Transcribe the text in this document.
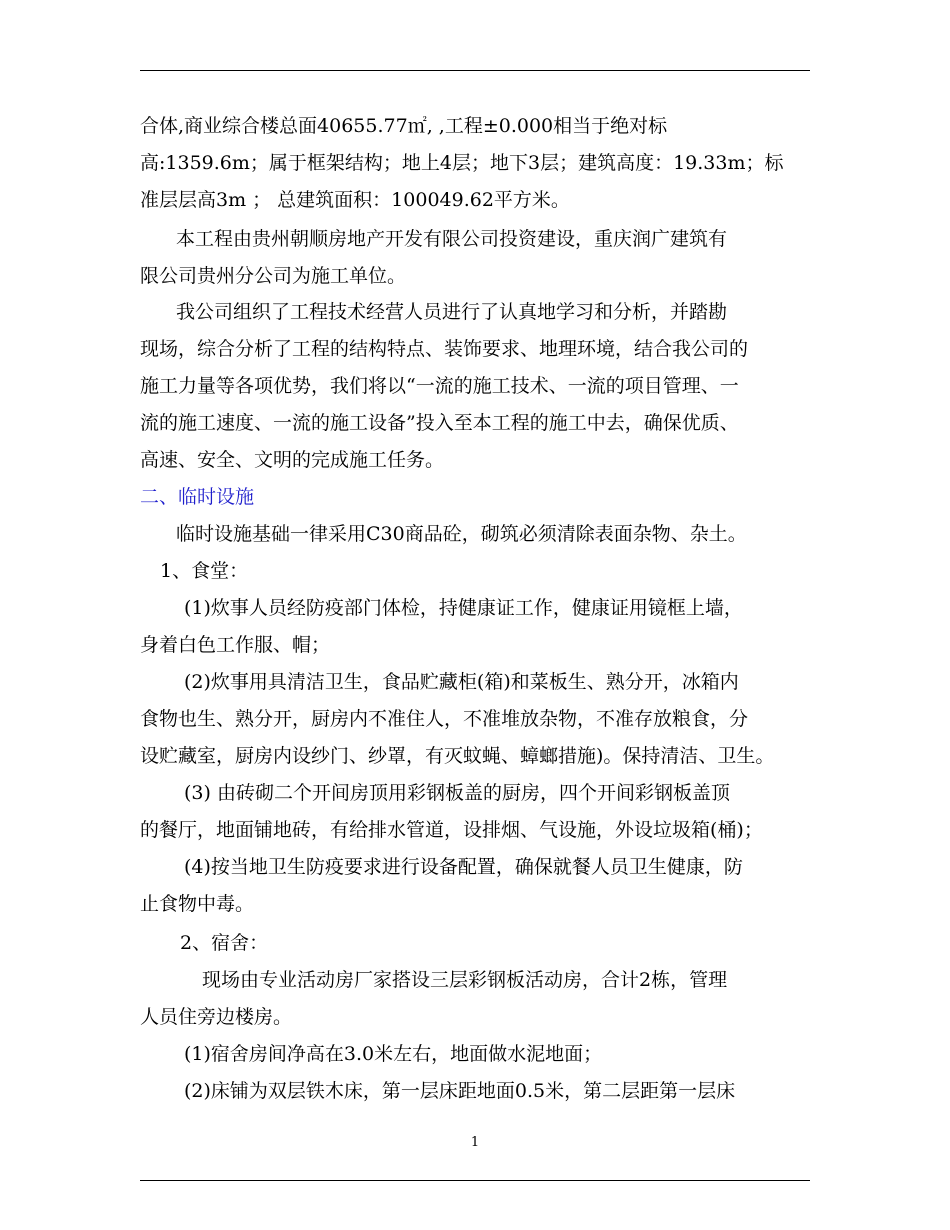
合体,商业综合楼总面40655.77㎡, ,工程±0.000相当于绝对标
高:1359.6m；属于框架结构；地上4层；地下3层；建筑高度：19.33m；标
准层层高3m ； 总建筑面积：100049.62平方米。
本工程由贵州朝顺房地产开发有限公司投资建设，重庆润广建筑有
限公司贵州分公司为施工单位。
我公司组织了工程技术经营人员进行了认真地学习和分析，并踏勘
现场，综合分析了工程的结构特点、装饰要求、地理环境，结合我公司的
施工力量等各项优势，我们将以“一流的施工技术、一流的项目管理、一
流的施工速度、一流的施工设备”投入至本工程的施工中去，确保优质、
高速、安全、文明的完成施工任务。
二、临时设施
临时设施基础一律采用C30商品砼，砌筑必须清除表面杂物、杂土。
1、食堂：
(1)炊事人员经防疫部门体检，持健康证工作，健康证用镜框上墙，
身着白色工作服、帽；
(2)炊事用具清洁卫生，食品贮藏柜(箱)和菜板生、熟分开，冰箱内
食物也生、熟分开，厨房内不准住人，不准堆放杂物，不准存放粮食，分
设贮藏室，厨房内设纱门、纱罩，有灭蚊蝇、蟑螂措施)。保持清洁、卫生。
(3) 由砖砌二个开间房顶用彩钢板盖的厨房，四个开间彩钢板盖顶
的餐厅，地面铺地砖，有给排水管道，设排烟、气设施，外设垃圾箱(桶)；
(4)按当地卫生防疫要求进行设备配置，确保就餐人员卫生健康，防
止食物中毒。
2、宿舍：
现场由专业活动房厂家搭设三层彩钢板活动房，合计2栋，管理
人员住旁边楼房。
(1)宿舍房间净高在3.0米左右，地面做水泥地面；
(2)床铺为双层铁木床，第一层床距地面0.5米，第二层距第一层床
1
